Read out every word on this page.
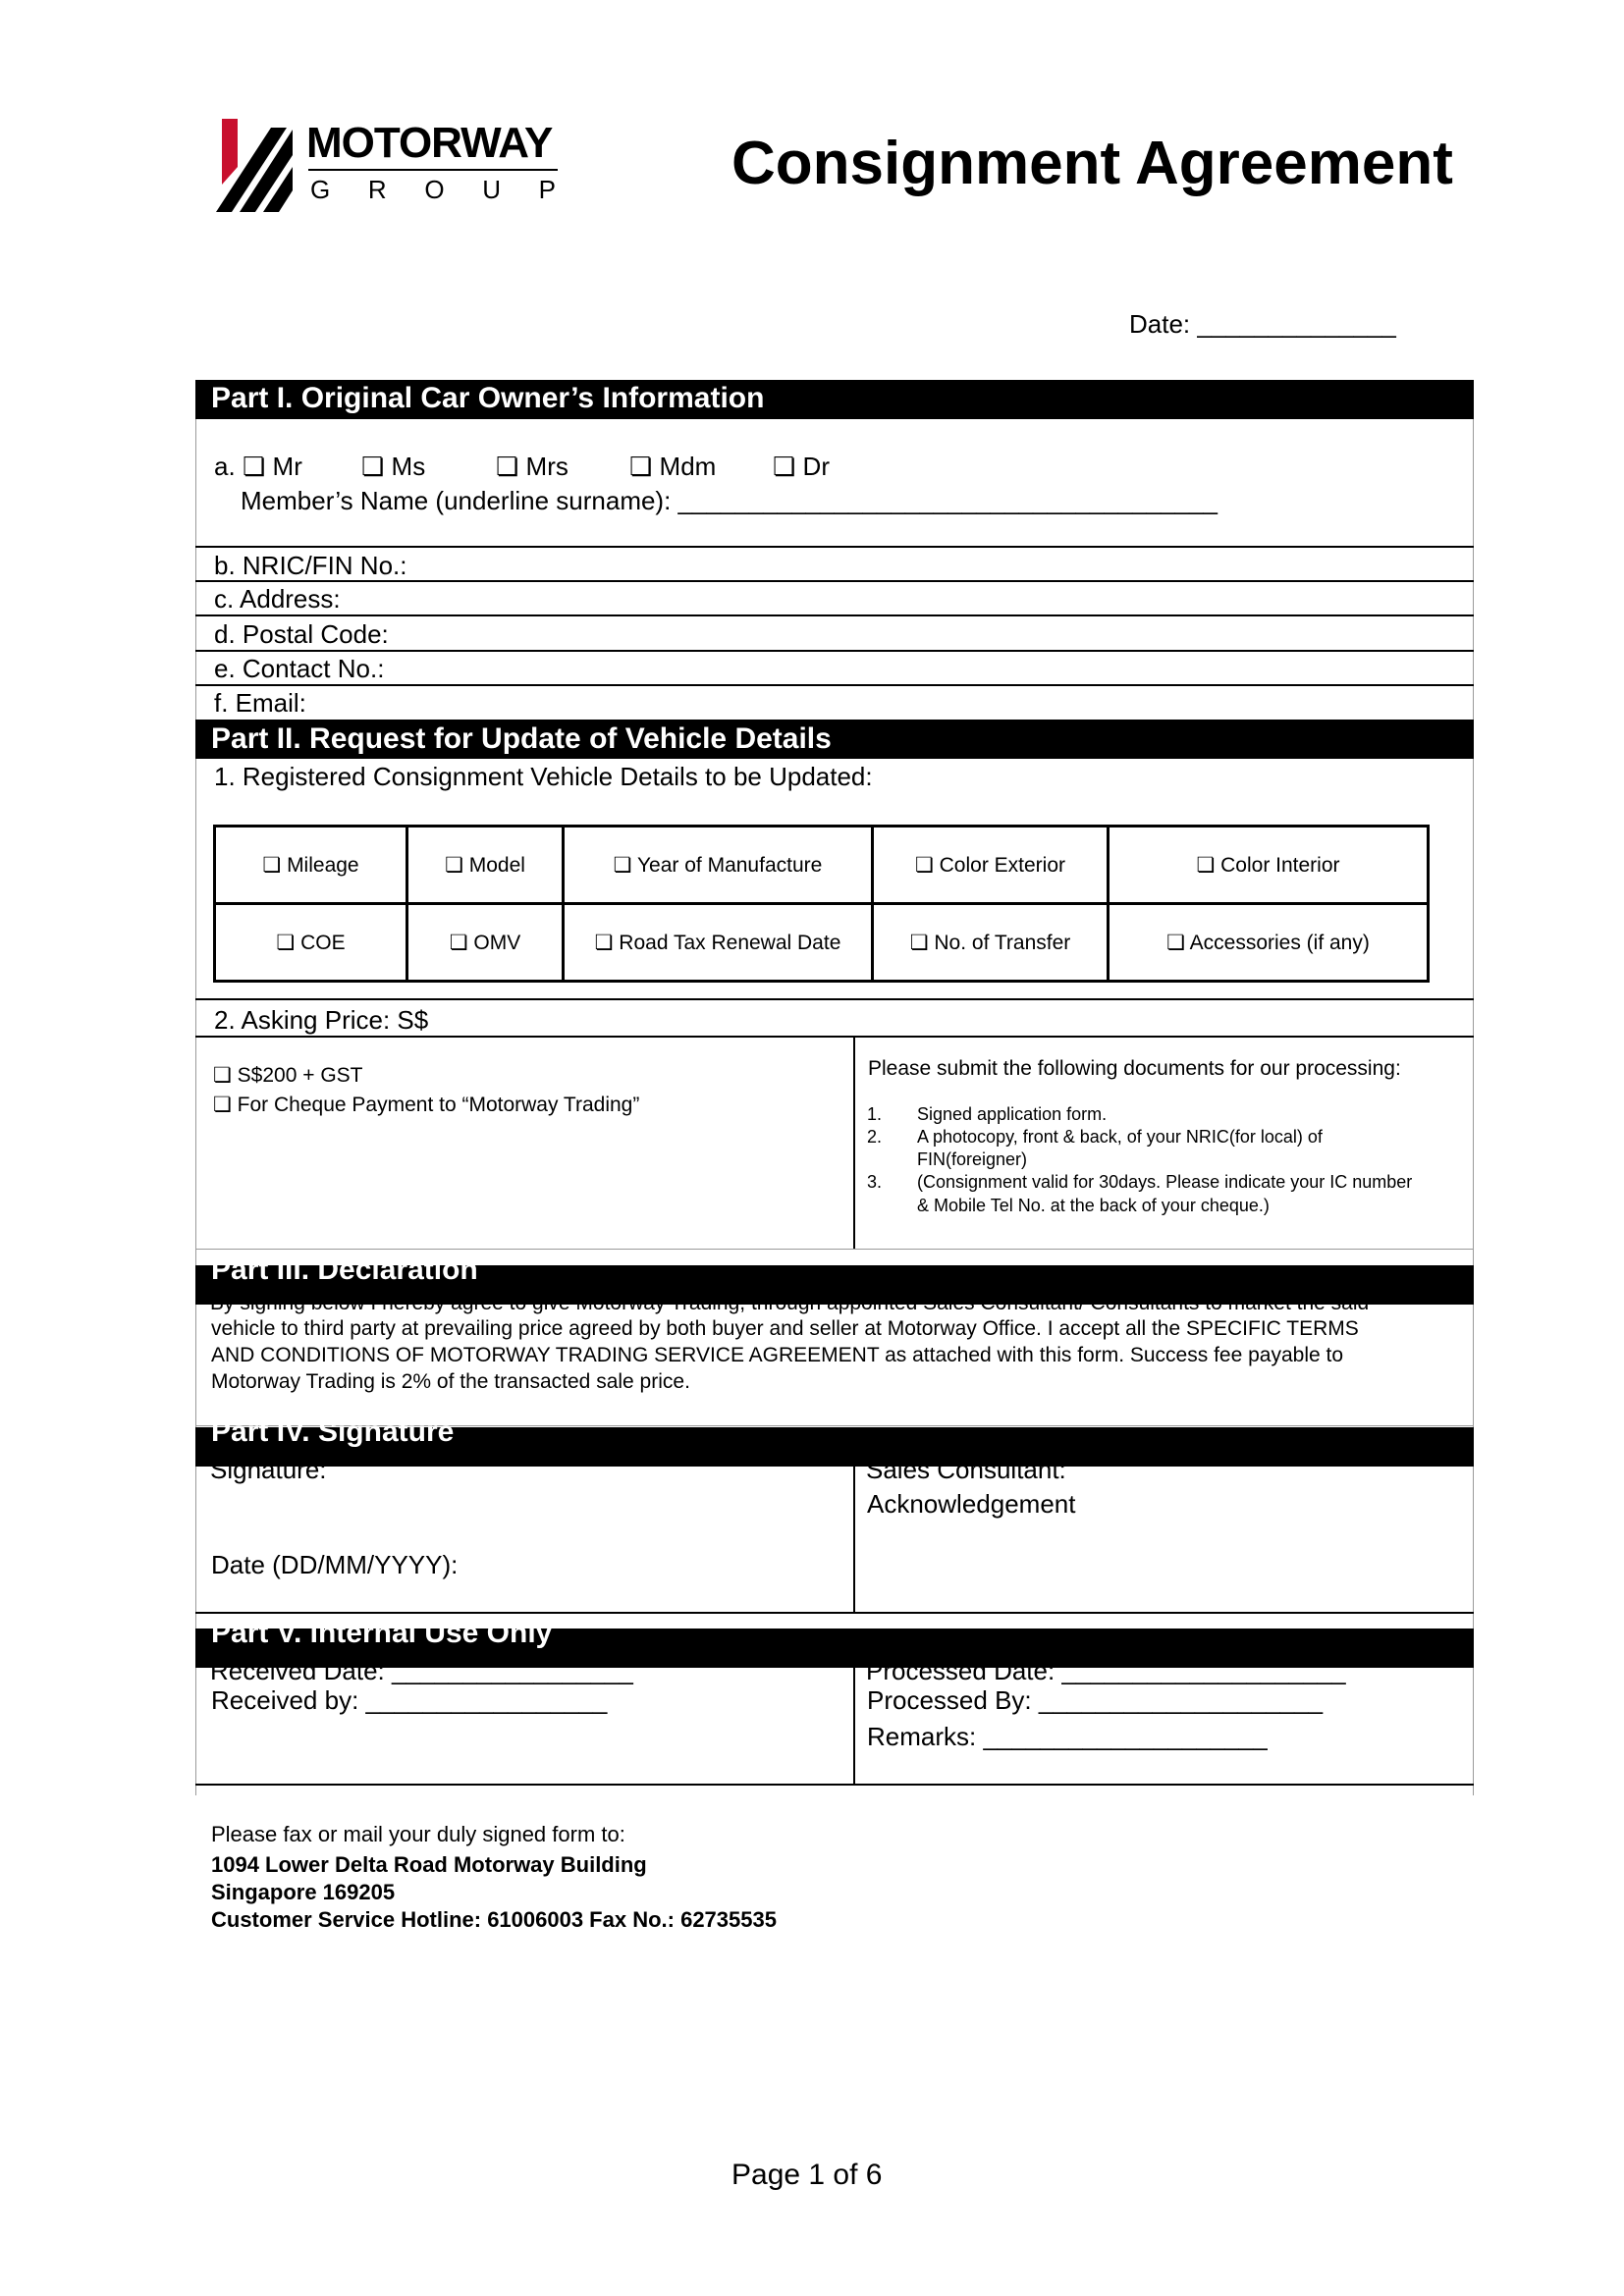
MOTORWAY
G R O U P	Consignment Agreement
Date: ______________
Part I. Original Car Owner’s Information
a. ❏ Mr ❏ Ms	❏ Mrs ❏ Mdm ❏ Dr
Member’s Name (underline surname): ______________________________________
b. NRIC/FIN No.:
c. Address:
d. Postal Code:
e. Contact No.:
f. Email:
Part II. Request for Update of Vehicle Details
1. Registered Consignment Vehicle Details to be Updated:
❏ Mileage	❏ Model	❏ Year of Manufacture	❏ Color Exterior	❏ Color Interior
❏ COE	❏ OMV	❏ Road Tax Renewal Date	❏ No. of Transfer	❏ Accessories (if any)
2. Asking Price: S$
❏ S$200 + GST
❏ For Cheque Payment to “Motorway Trading”
Please submit the following documents for our processing:
1. Signed application form.
2. A photocopy, front & back, of your NRIC(for local) of
FIN(foreigner)
3. (Consignment valid for 30days. Please indicate your IC number
& Mobile Tel No. at the back of your cheque.)
Part III. Declaration
By signing below I hereby agree to give Motorway Trading, through appointed Sales Consultant/ Consultants to market the said
vehicle to third party at prevailing price agreed by both buyer and seller at Motorway Office. I accept all the SPECIFIC TERMS
AND CONDITIONS OF MOTORWAY TRADING SERVICE AGREEMENT as attached with this form. Success fee payable to
Motorway Trading is 2% of the transacted sale price.
Part IV. Signature
Signature:
Date (DD/MM/YYYY):
Sales Consultant:
Acknowledgement
Part V. Internal Use Only
Received Date: _________________
Received by: _________________
Processed Date: ____________________
Processed By: ____________________
Remarks: ____________________
Please fax or mail your duly signed form to:
1094 Lower Delta Road Motorway Building
Singapore 169205
Customer Service Hotline: 61006003 Fax No.: 62735535
Page 1 of 6
